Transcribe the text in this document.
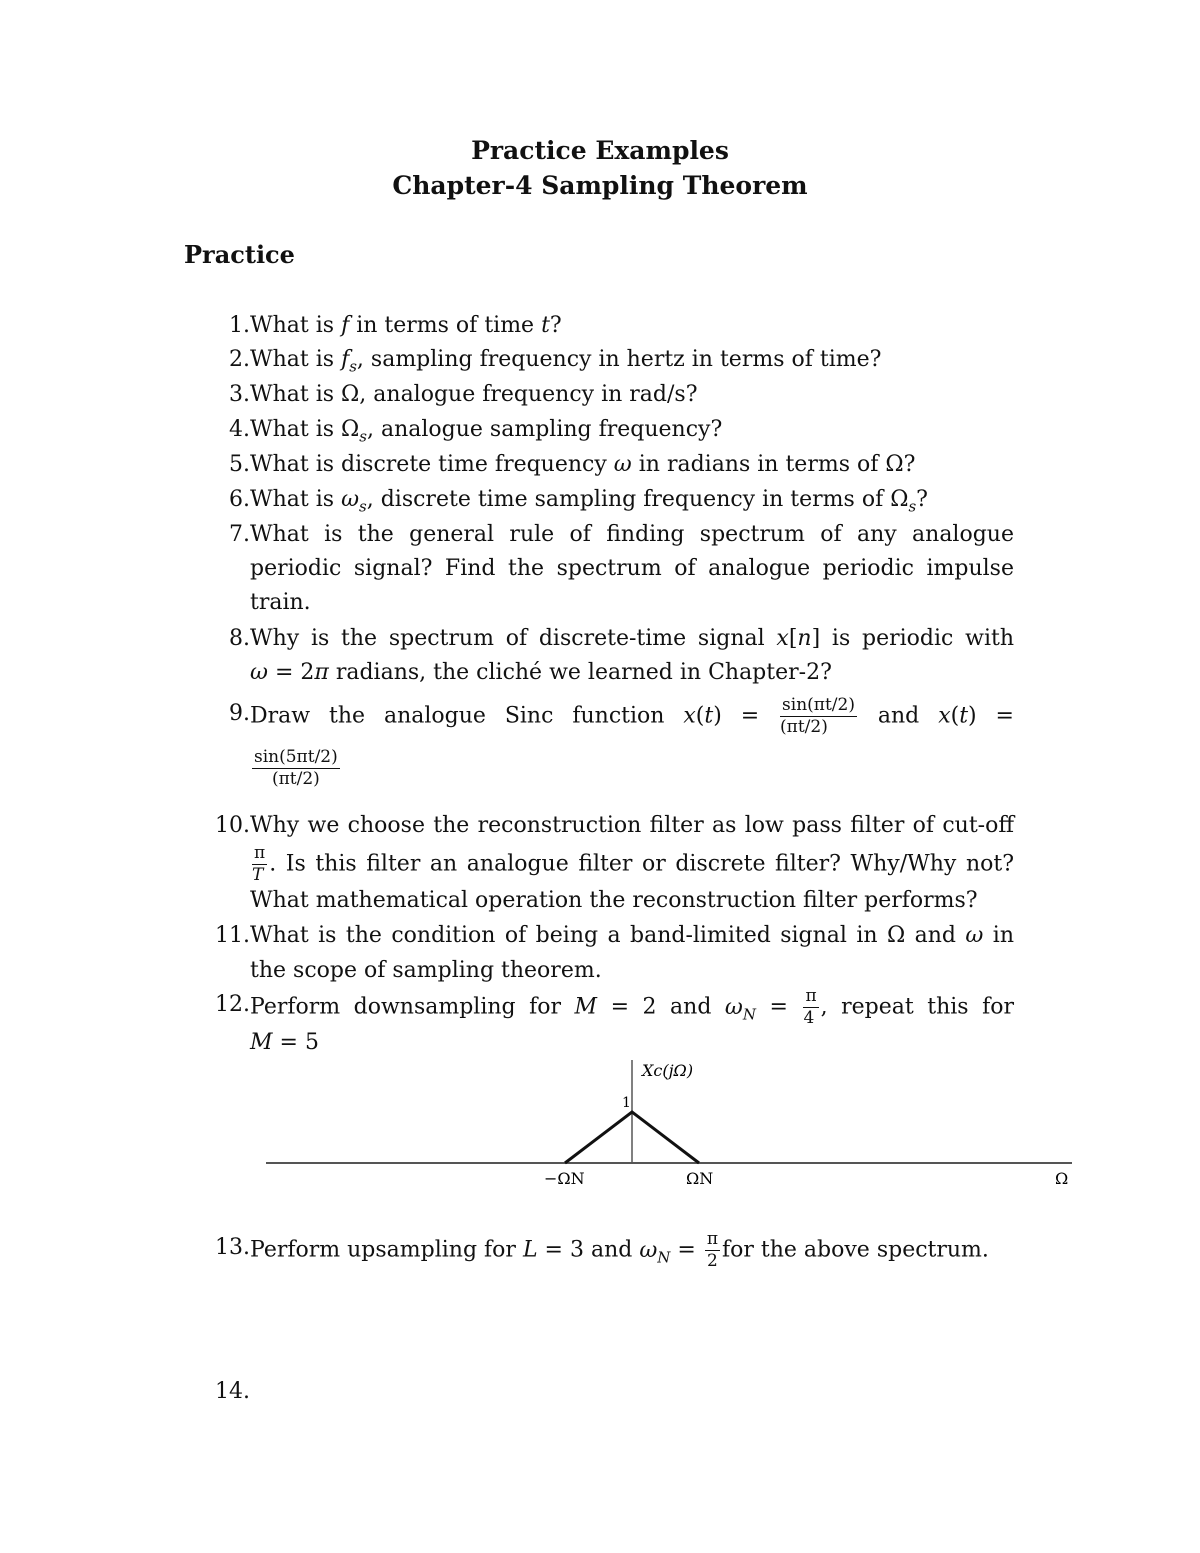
Practice Examples
Chapter-4 Sampling Theorem
Practice
1. What is f in terms of time t?
2. What is $f_s$, sampling frequency in hertz in terms of time?
3. What is Ω, analogue frequency in rad/s?
4. What is $\Omega_s$, analogue sampling frequency?
5. What is discrete time frequency ω in radians in terms of Ω?
6. What is $\omega_s$, discrete time sampling frequency in terms of $\Omega_s$?
7. What is the general rule of finding spectrum of any analogue
periodic signal? Find the spectrum of analogue periodic impulse
train.
8. Why is the spectrum of discrete-time signal x[n] is periodic with
ω = 2π radians, the cliché we learned in Chapter-2?
9. Draw the analogue Sinc function $x(t) = \frac{\sin(\pi t/2)}{(\pi t/2)}$ and x(t) =
$\frac{\sin(5\pi t/2)}{(\pi t/2)}$
10. Why we choose the reconstruction filter as low pass filter of cut-off
$\frac{\pi}{T}$ . Is this filter an analogue filter or discrete filter? Why/Why not?
What mathematical operation the reconstruction filter performs?
11. What is the condition of being a band-limited signal in Ω and ω in
the scope of sampling theorem.
12. Perform downsampling for M = 2 and $\omega_N = \frac{\pi}{4}$ , repeat this for
M = 5
Xc(jΩ)
1
−ΩN	ΩN	Ω
13. Perform upsampling for L = 3 and $\omega_N = \frac{\pi}{2}$ for the above spectrum.
14.
